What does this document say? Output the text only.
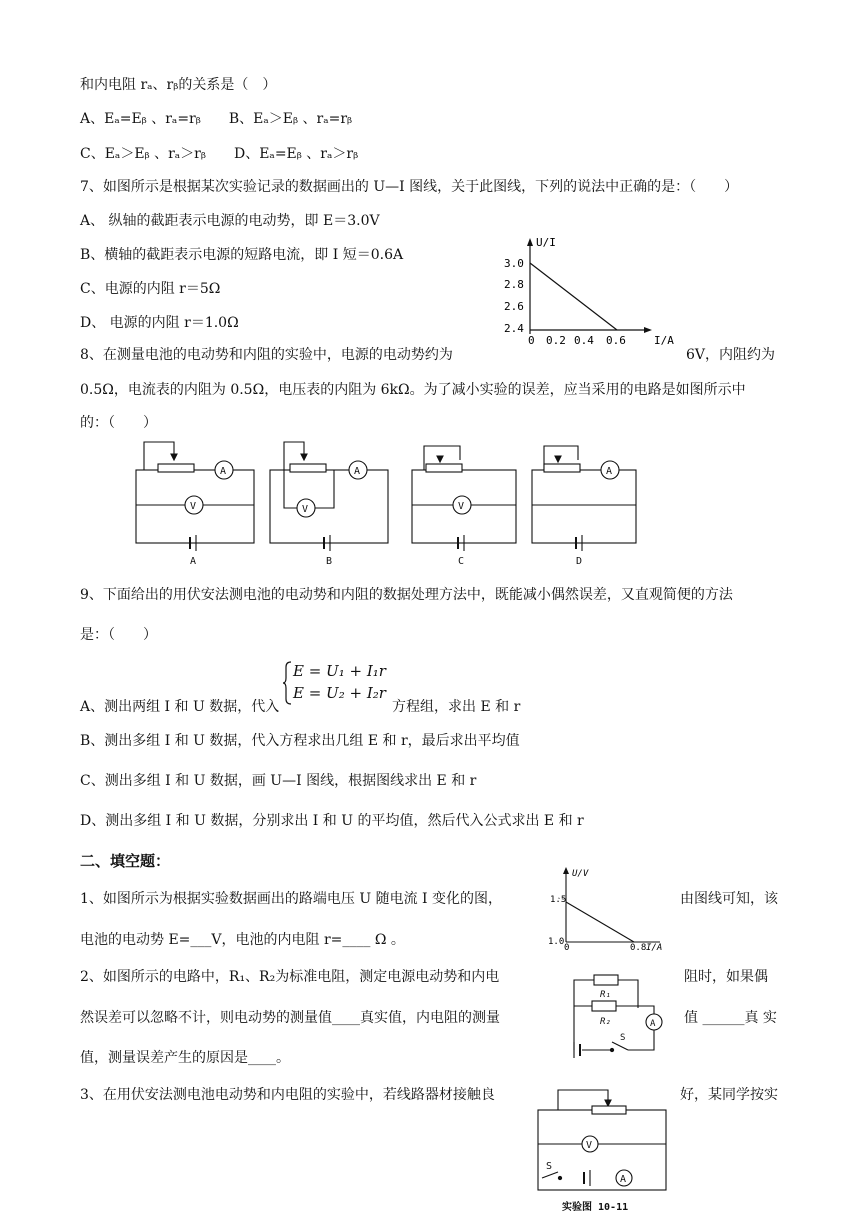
和内电阻 rₐ、rᵦ的关系是（　）
A、Eₐ=Eᵦ 、rₐ=rᵦ　　B、Eₐ＞Eᵦ 、rₐ=rᵦ
C、Eₐ＞Eᵦ 、rₐ＞rᵦ　　D、Eₐ=Eᵦ 、rₐ＞rᵦ
7、如图所示是根据某次实验记录的数据画出的 U—I 图线，关于此图线，下列的说法中正确的是：（　　）
A、 纵轴的截距表示电源的电动势，即 E＝3.0V
B、横轴的截距表示电源的短路电流，即 I 短＝0.6A
C、电源的内阻 r＝5Ω
D、 电源的内阻 r＝1.0Ω
8、在测量电池的电动势和内阻的实验中，电源的电动势约为	6V，内阻约为
0.5Ω，电流表的内阻为 0.5Ω，电压表的内阻为 6kΩ。为了减小实验的误差，应当采用的电路是如图所示中
的：（　　）
9、下面给出的用伏安法测电池的电动势和内阻的数据处理方法中，既能减小偶然误差，又直观简便的方法
是：（　　）
E = U₁ + I₁r
E = U₂ + I₂r
A、测出两组 I 和 U 数据，代入	方程组，求出 E 和 r
B、测出多组 I 和 U 数据，代入方程求出几组 E 和 r，最后求出平均值
C、测出多组 I 和 U 数据，画 U—I 图线，根据图线求出 E 和 r
D、测出多组 I 和 U 数据，分别求出 I 和 U 的平均值，然后代入公式求出 E 和 r
二、填空题：
1、如图所示为根据实验数据画出的路端电压 U 随电流 I 变化的图，	由图线可知，该
电池的电动势 E=___V，电池的内电阻 r=____ Ω 。
2、如图所示的电路中，R₁、R₂为标准电阻，测定电源电动势和内电	阻时，如果偶
然误差可以忽略不计，则电动势的测量值____真实值，内电阻的测量	值 ______真 实
值，测量误差产生的原因是____。
3、在用伏安法测电池电动势和内电阻的实验中，若线路器材接触良	好，某同学按实
U/I
I/A
3.0
2.8
2.6
2.4
0 0.2 0.4 0.6
A
V
A
A
V
B
V
C
A
D
U/V
1.5
1.0
0	0.8 I/A
R₁
R₂	A
S
V
S
A
实验图 10-11
